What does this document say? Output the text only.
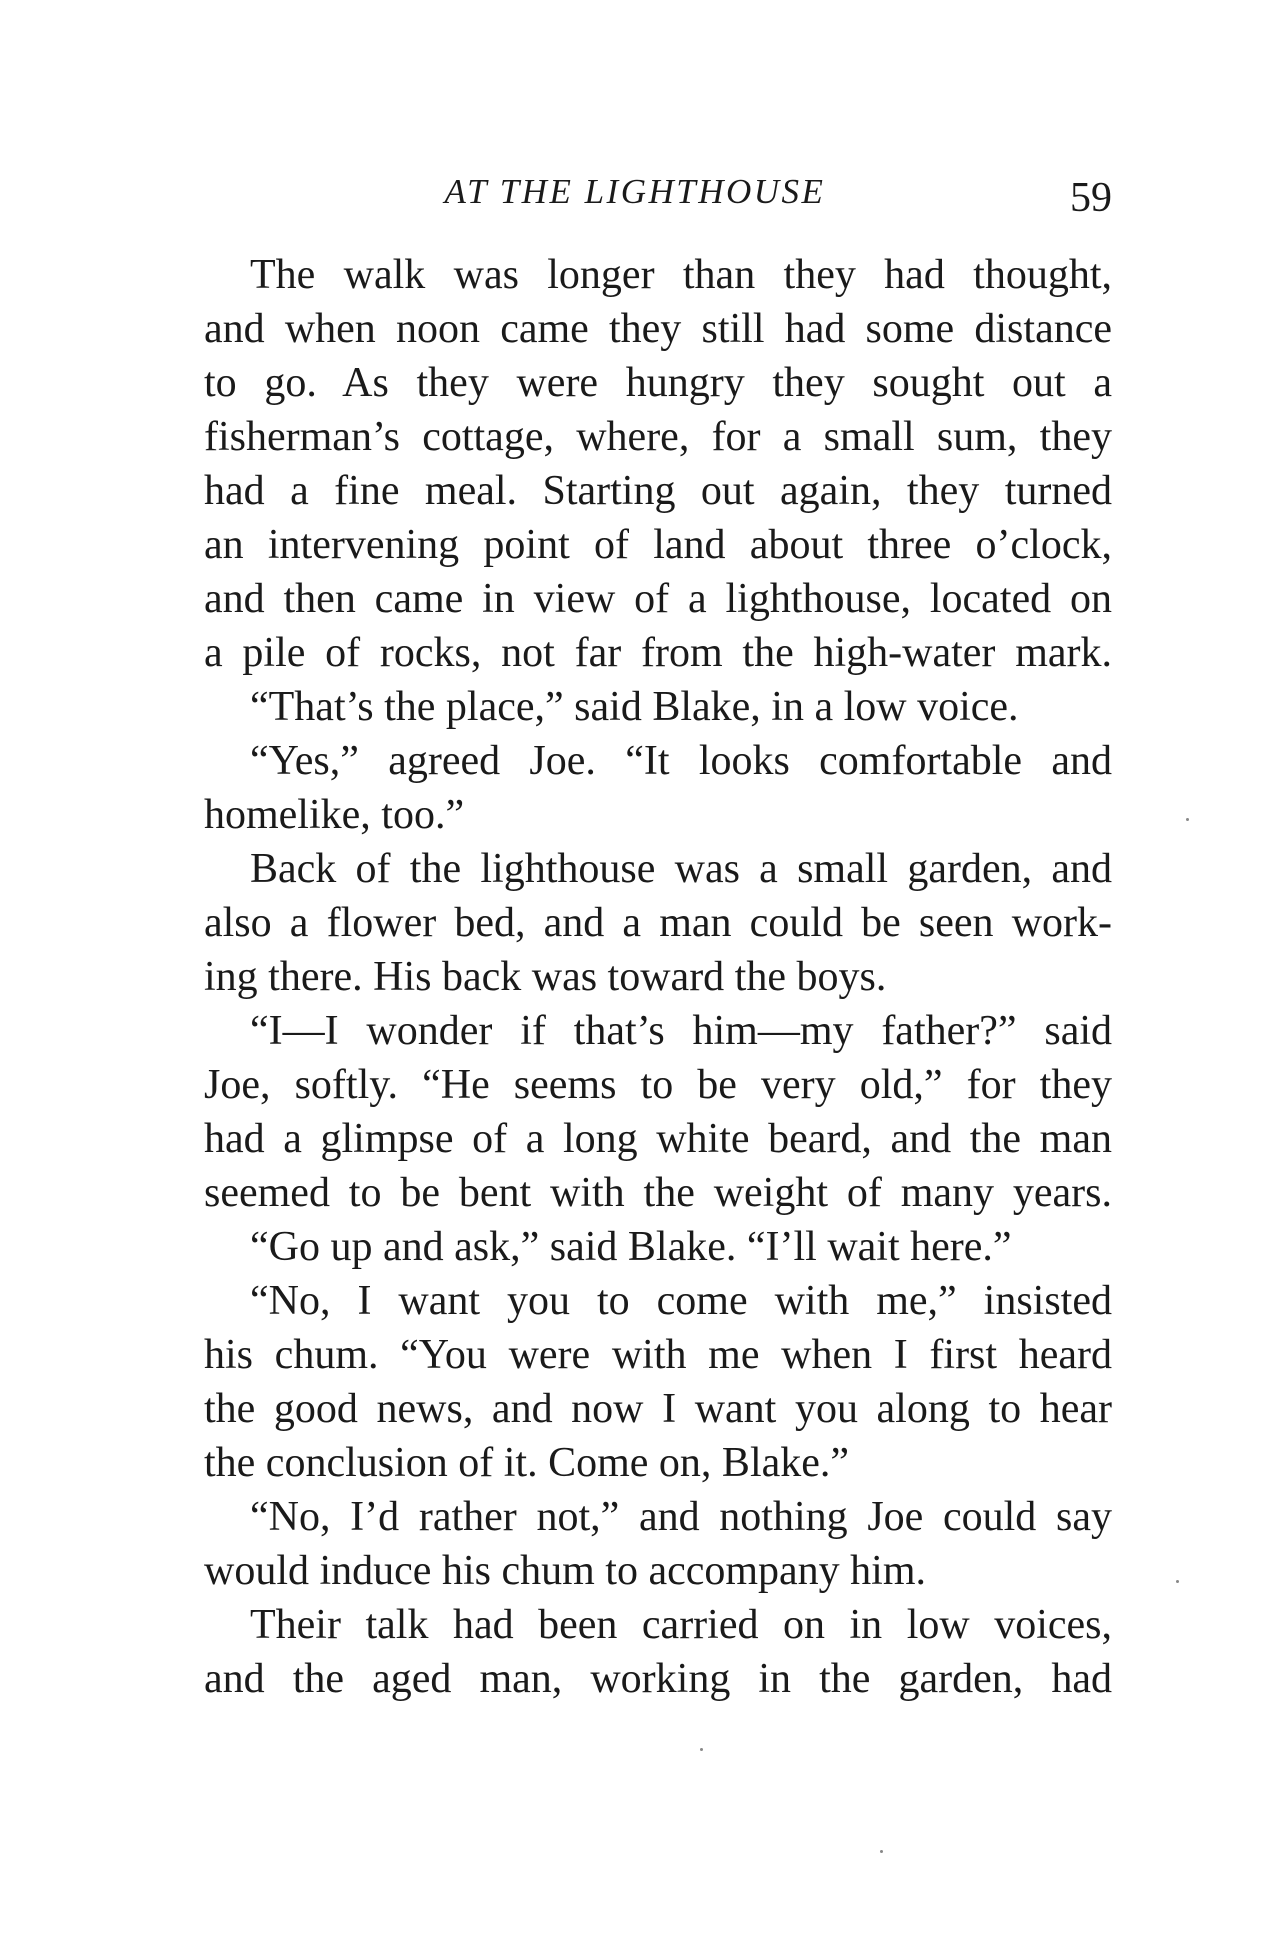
AT THE LIGHTHOUSE	59
The walk was longer than they had thought,
and when noon came they still had some distance
to go. As they were hungry they sought out a
fisherman’s cottage, where, for a small sum, they
had a fine meal. Starting out again, they turned
an intervening point of land about three o’clock,
and then came in view of a lighthouse, located on
a pile of rocks, not far from the high-water mark.
“That’s the place,” said Blake, in a low voice.
“Yes,” agreed Joe. “It looks comfortable and
homelike, too.”
Back of the lighthouse was a small garden, and
also a flower bed, and a man could be seen work-
ing there. His back was toward the boys.
“I—I wonder if that’s him—my father?” said
Joe, softly. “He seems to be very old,” for they
had a glimpse of a long white beard, and the man
seemed to be bent with the weight of many years.
“Go up and ask,” said Blake. “I’ll wait here.”
“No, I want you to come with me,” insisted
his chum. “You were with me when I first heard
the good news, and now I want you along to hear
the conclusion of it. Come on, Blake.”
“No, I’d rather not,” and nothing Joe could say
would induce his chum to accompany him.
Their talk had been carried on in low voices,
and the aged man, working in the garden, had
